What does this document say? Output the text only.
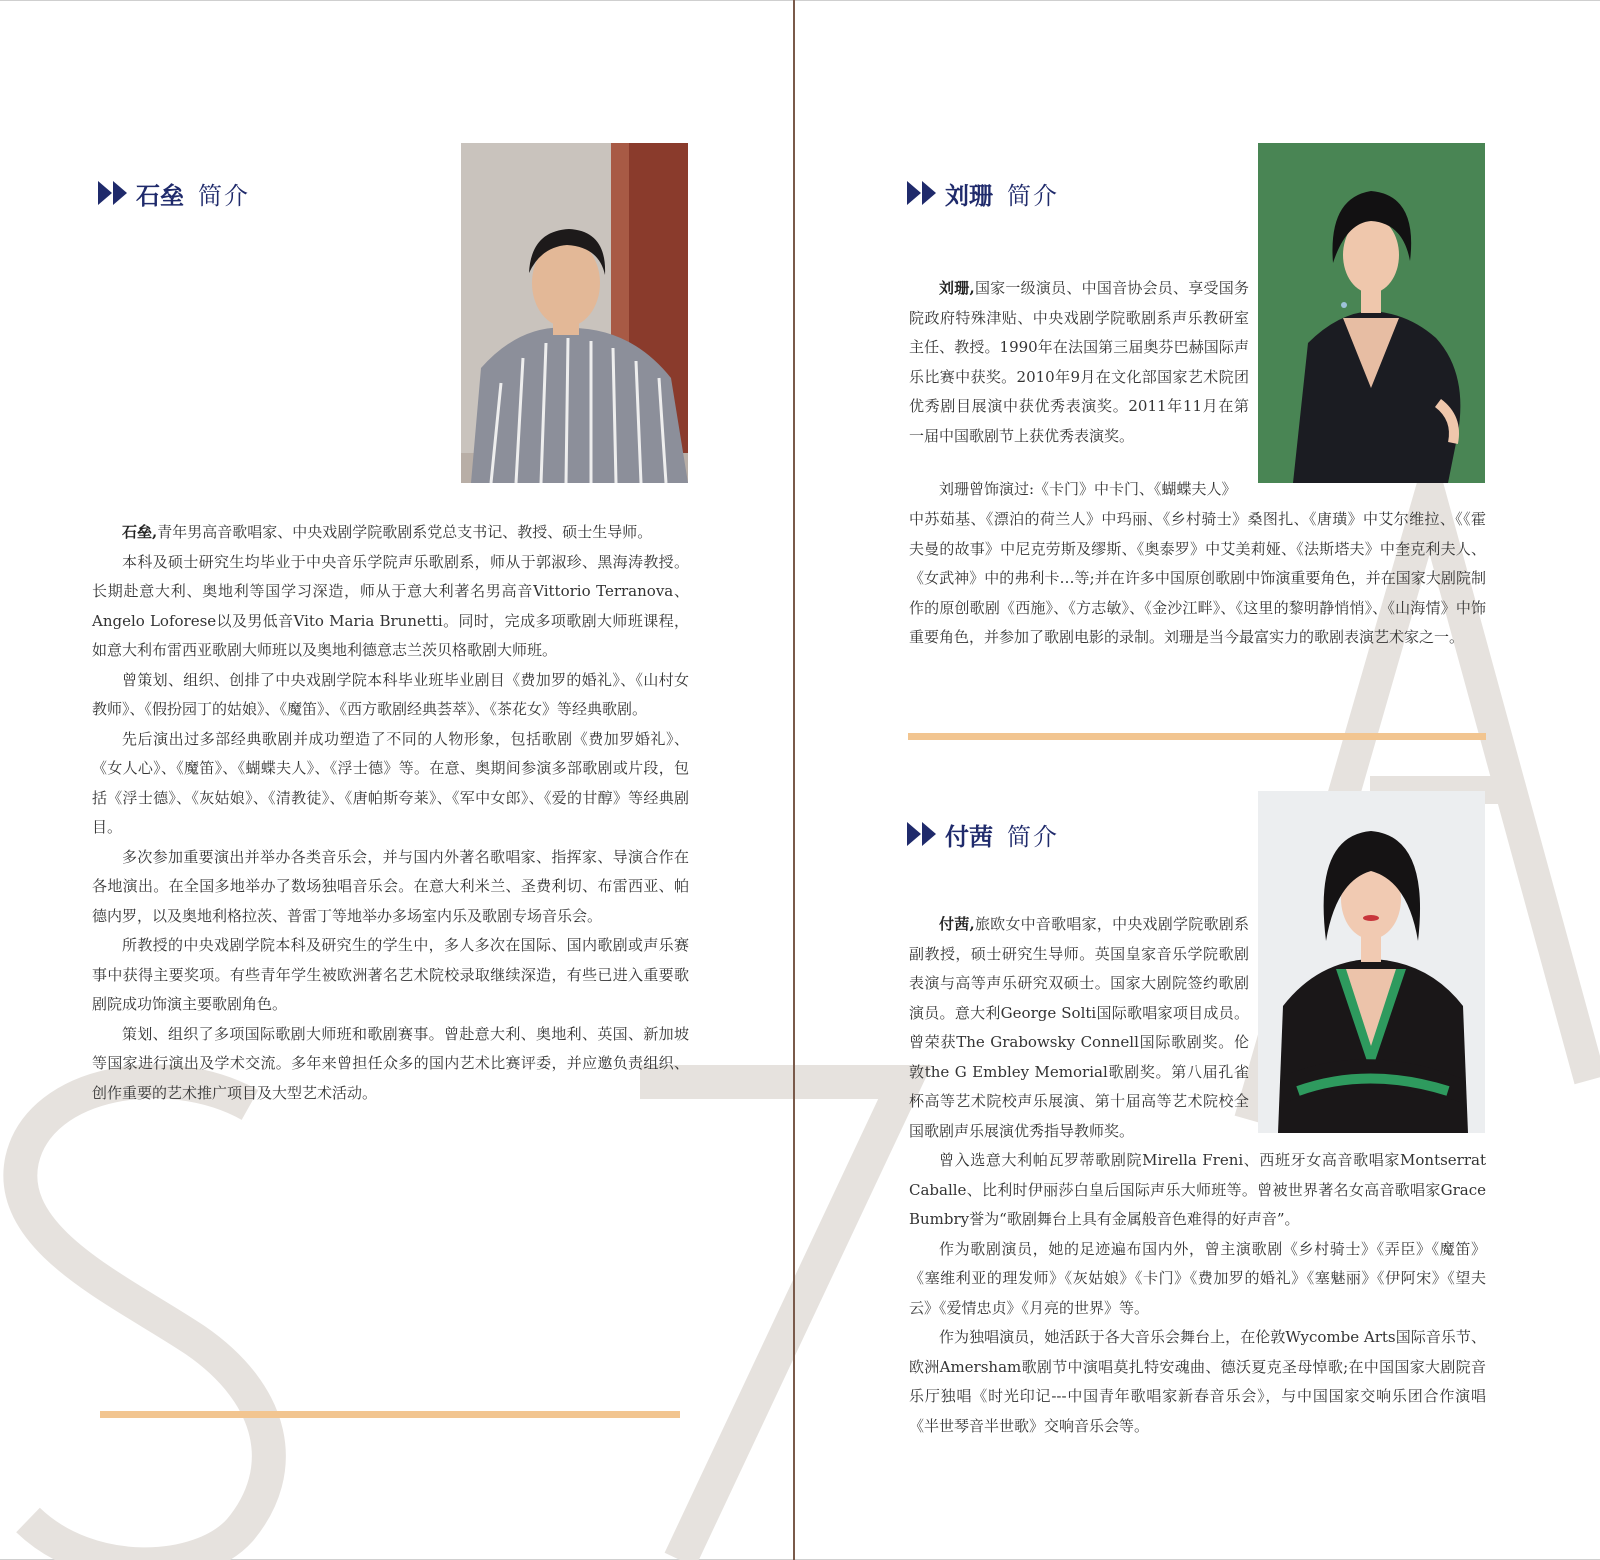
石垒 简介

石垒,青年男高音歌唱家、中央戏剧学院歌剧系党总支书记、教授、硕士生导师。

本科及硕士研究生均毕业于中央音乐学院声乐歌剧系，师从于郭淑珍、黑海涛教授。长期赴意大利、奥地利等国学习深造，师从于意大利著名男高音Vittorio Terranova、Angelo Loforese以及男低音Vito Maria Brunetti。同时，完成多项歌剧大师班课程，如意大利布雷西亚歌剧大师班以及奥地利德意志兰茨贝格歌剧大师班。

曾策划、组织、创排了中央戏剧学院本科毕业班毕业剧目《费加罗的婚礼》、《山村女教师》、《假扮园丁的姑娘》、《魔笛》、《西方歌剧经典荟萃》、《茶花女》等经典歌剧。

先后演出过多部经典歌剧并成功塑造了不同的人物形象，包括歌剧《费加罗婚礼》、《女人心》、《魔笛》、《蝴蝶夫人》、《浮士德》等。在意、奥期间参演多部歌剧或片段，包括《浮士德》、《灰姑娘》、《清教徒》、《唐帕斯夸莱》、《军中女郎》、《爱的甘醇》等经典剧目。

多次参加重要演出并举办各类音乐会，并与国内外著名歌唱家、指挥家、导演合作在各地演出。在全国多地举办了数场独唱音乐会。在意大利米兰、圣费利切、布雷西亚、帕德内罗，以及奥地利格拉茨、普雷丁等地举办多场室内乐及歌剧专场音乐会。

所教授的中央戏剧学院本科及研究生的学生中，多人多次在国际、国内歌剧或声乐赛事中获得主要奖项。有些青年学生被欧洲著名艺术院校录取继续深造，有些已进入重要歌剧院成功饰演主要歌剧角色。

策划、组织了多项国际歌剧大师班和歌剧赛事。曾赴意大利、奥地利、英国、新加坡等国家进行演出及学术交流。多年来曾担任众多的国内艺术比赛评委，并应邀负责组织、创作重要的艺术推广项目及大型艺术活动。

刘珊 简介

刘珊,国家一级演员、中国音协会员、享受国务院政府特殊津贴、中央戏剧学院歌剧系声乐教研室主任、教授。1990年在法国第三届奥芬巴赫国际声乐比赛中获奖。2010年9月在文化部国家艺术院团优秀剧目展演中获优秀表演奖。2011年11月在第一届中国歌剧节上获优秀表演奖。

刘珊曾饰演过:《卡门》中卡门、《蝴蝶夫人》

中苏茹基、《漂泊的荷兰人》中玛丽、《乡村骑士》桑图扎、《唐璜》中艾尔维拉、《《霍夫曼的故事》中尼克劳斯及缪斯、《奥泰罗》中艾美莉娅、《法斯塔夫》中奎克利夫人、《女武神》中的弗利卡…等;并在许多中国原创歌剧中饰演重要角色，并在国家大剧院制作的原创歌剧《西施》、《方志敏》、《金沙江畔》、《这里的黎明静悄悄》、《山海情》中饰重要角色，并参加了歌剧电影的录制。刘珊是当今最富实力的歌剧表演艺术家之一。

付茜 简介

付茜,旅欧女中音歌唱家，中央戏剧学院歌剧系副教授，硕士研究生导师。英国皇家音乐学院歌剧表演与高等声乐研究双硕士。国家大剧院签约歌剧演员。意大利George Solti国际歌唱家项目成员。曾荣获The Grabowsky Connell国际歌剧奖。伦敦the G Embley Memorial歌剧奖。第八届孔雀杯高等艺术院校声乐展演、第十届高等艺术院校全国歌剧声乐展演优秀指导教师奖。

曾入选意大利帕瓦罗蒂歌剧院Mirella Freni、西班牙女高音歌唱家Montserrat Caballe、比利时伊丽莎白皇后国际声乐大师班等。曾被世界著名女高音歌唱家Grace Bumbry誉为“歌剧舞台上具有金属般音色难得的好声音”。

作为歌剧演员，她的足迹遍布国内外，曾主演歌剧《乡村骑士》《弄臣》《魔笛》《塞维利亚的理发师》《灰姑娘》《卡门》《费加罗的婚礼》《塞魅丽》《伊阿宋》《望夫云》《爱情忠贞》《月亮的世界》等。

作为独唱演员，她活跃于各大音乐会舞台上，在伦敦Wycombe Arts国际音乐节、欧洲Amersham歌剧节中演唱莫扎特安魂曲、德沃夏克圣母悼歌;在中国国家大剧院音乐厅独唱《时光印记---中国青年歌唱家新春音乐会》，与中国国家交响乐团合作演唱《半世琴音半世歌》交响音乐会等。
